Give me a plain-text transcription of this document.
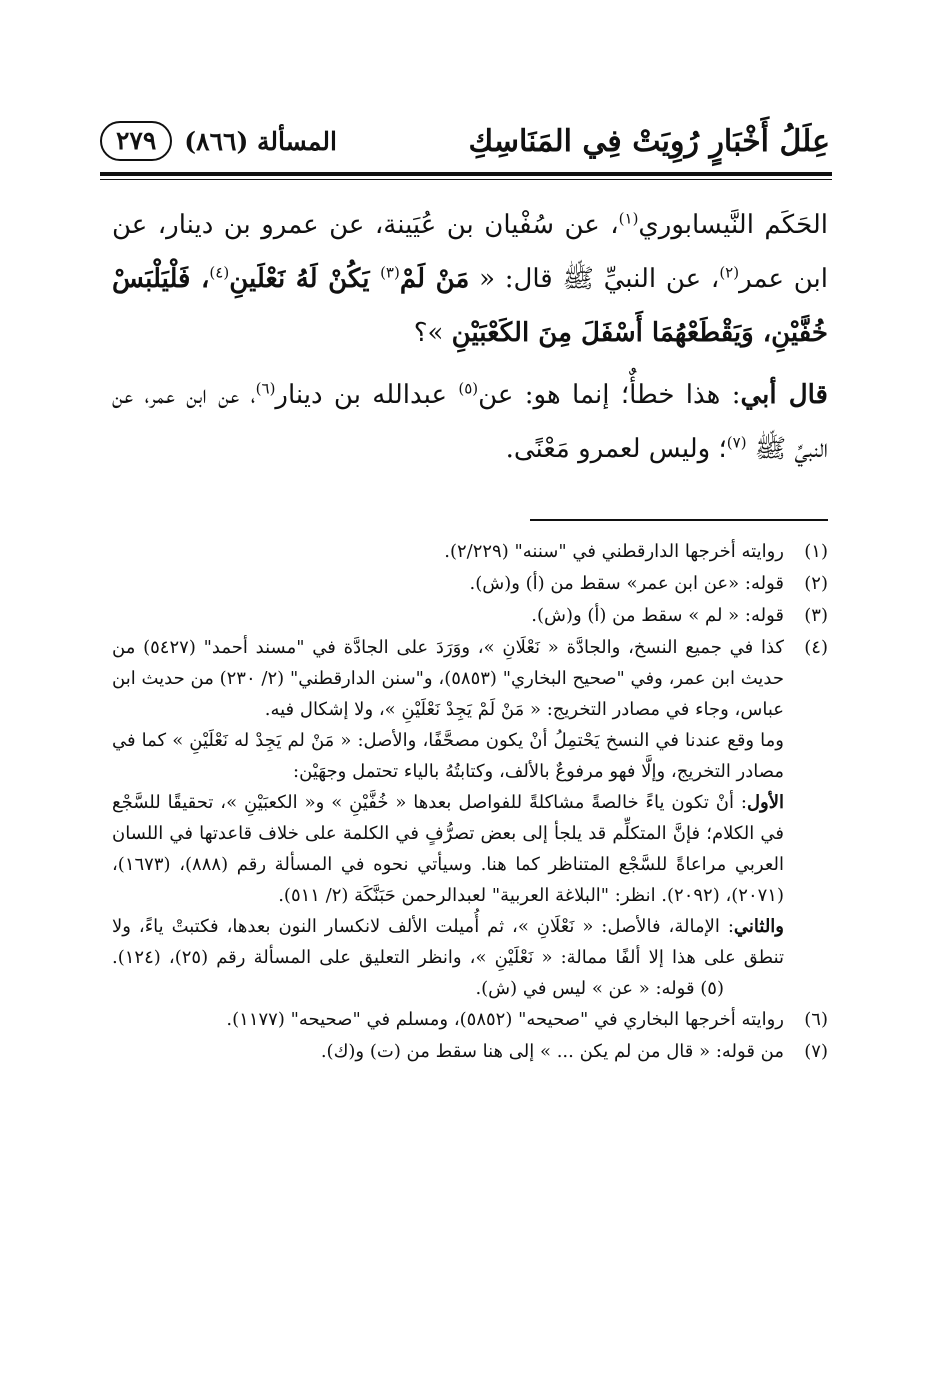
عِلَلُ أَخْبَارٍ رُوِيَتْ فِي المَنَاسِكِ
المسألة (٨٦٦)
٢٧٩

الحَكَم النَّيسابوري$^{(١)}$، عن سُفْيان بن عُيَينة، عن عمرو بن دينار، عن ابن عمر$^{(٢)}$، عن النبيِّ ﷺ قال: « مَنْ لَمْ$^{(٣)}$ يَكُنْ لَهُ نَعْلَينِ$^{(٤)}$، فَلْيَلْبَسْ خُفَّيْنِ، وَيَقْطَعْهُمَا أَسْفَلَ مِنَ الكَعْبَيْنِ »؟

قال أبي: هذا خطأٌ؛ إنما هو: عن$^{(٥)}$ عبدالله بن دينار$^{(٦)}$، عن ابن عمر، عن النبيِّ ﷺ $^{(٧)}$؛ وليس لعمرو مَعْنًى.

(١)
روايته أخرجها الدارقطني في "سننه" (٢/٢٢٩).
(٢)
قوله: «عن ابن عمر» سقط من (أ) و(ش).
(٣)
قوله: « لم » سقط من (أ) و(ش).
(٤)

كذا في جميع النسخ، والجادَّة « نَعْلَانِ »، ووَرَدَ على الجادَّة في "مسند أحمد" (٥٤٢٧) من حديث ابن عمر، وفي "صحيح البخاري" (٥٨٥٣)، و"سنن الدارقطني" (٢/ ٢٣٠) من حديث ابن عباس، وجاء في مصادر التخريج: « مَنْ لَمْ يَجِدْ نَعْلَيْنِ »، ولا إشكال فيه.

وما وقع عندنا في النسخ يَحْتمِلُ أنْ يكون مصحَّفًا، والأصل: « مَنْ لم يَجِدْ له نَعْلَيْنِ » كما في مصادر التخريج، وإلَّا فهو مرفوعٌ بالألف، وكتابتُهُ بالياء تحتمل وجهَيْن:

الأول: أنْ تكون ياءً خالصةً مشاكلةً للفواصل بعدها « خُفَّيْنِ » و« الكعبَيْنِ »، تحقيقًا للسَّجْع في الكلام؛ فإنَّ المتكلِّم قد يلجأ إلى بعض تصرُّفٍ في الكلمة على خلاف قاعدتها في اللسان العربي مراعاةً للسَّجْع المتناظر كما هنا. وسيأتي نحوه في المسألة رقم (٨٨٨)، (١٦٧٣)، (٢٠٧١)، (٢٠٩٢). انظر: "البلاغة العربية" لعبدالرحمن حَبَنَّكَة (٢/ ٥١١).

والثاني: الإمالة، فالأصل: « نَعْلَانِ »، ثم أُميلت الألف لانكسار النون بعدها، فكتبتْ ياءً، ولا تنطق على هذا إلا ألفًا ممالة: « نَعْلَيْنِ »، وانظر التعليق على المسألة رقم (٢٥)، (١٢٤).(٥) قوله: « عن » ليس في (ش).

(٦)
روايته أخرجها البخاري في "صحيحه" (٥٨٥٢)، ومسلم في "صحيحه" (١١٧٧).
(٧)
من قوله: « قال من لم يكن ... » إلى هنا سقط من (ت) و(ك).
